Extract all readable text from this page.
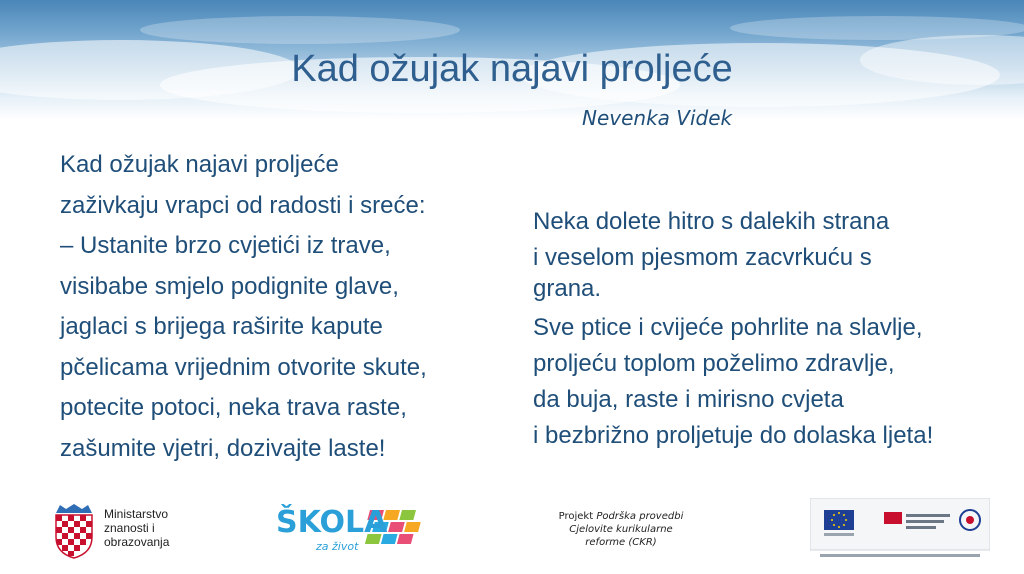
Kad ožujak najavi proljeće
Nevenka Videk
Kad ožujak najavi proljeće
zaživkaju vrapci od radosti i sreće:
– Ustanite brzo cvjetići iz trave,
visibabe smjelo podignite glave,
jaglaci s brijega raširite kapute
pčelicama vrijednim otvorite skute,
potecite potoci, neka trava raste,
zašumite vjetri, dozivajte laste!
Neka dolete hitro s dalekih strana
i veselom pjesmom zacvrkuću s
grana.
Sve ptice i cvijeće pohrlite na slavlje,
proljeću toplom poželimo zdravlje,
da buja, raste i mirisno cvjeta
i bezbrižno proljetuje do dolaska ljeta!
Ministarstvo
znanosti i
obrazovanja
ŠKOLA
za život
Projekt Podrška provedbi
Cjelovite kurikularne
reforme (CKR)
